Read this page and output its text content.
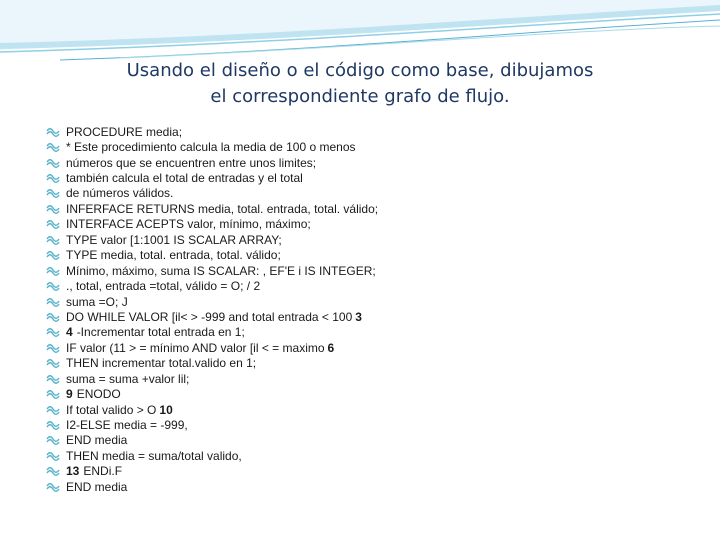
Usando el diseño o el código como base, dibujamos
el correspondiente grafo de flujo.
PROCEDURE media;
* Este procedimiento calcula la media de 100 o menos
números que se encuentren entre unos limites;
también calcula el total de entradas y el total
de números válidos.
INFERFACE RETURNS media, total. entrada, total. válido;
INTERFACE ACEPTS valor, mínimo, máximo;
TYPE valor [1:1001 IS SCALAR ARRAY;
TYPE media, total. entrada, total. válido;
Mínimo, máximo, suma IS SCALAR: , EF'E i IS INTEGER;
., total, entrada =total, válido = O; / 2
suma =O; J
DO WHILE VALOR [il< > -999 and total entrada < 100 3
4 -Incrementar total entrada en 1;
IF valor (11 > = mínimo AND valor [il < = maximo 6
THEN incrementar total.valido en 1;
suma = suma +valor lil;
9 ENODO
If total valido > O 10
I2-ELSE media = -999,
END media
THEN media = suma/total valido,
13 ENDi.F
END media
